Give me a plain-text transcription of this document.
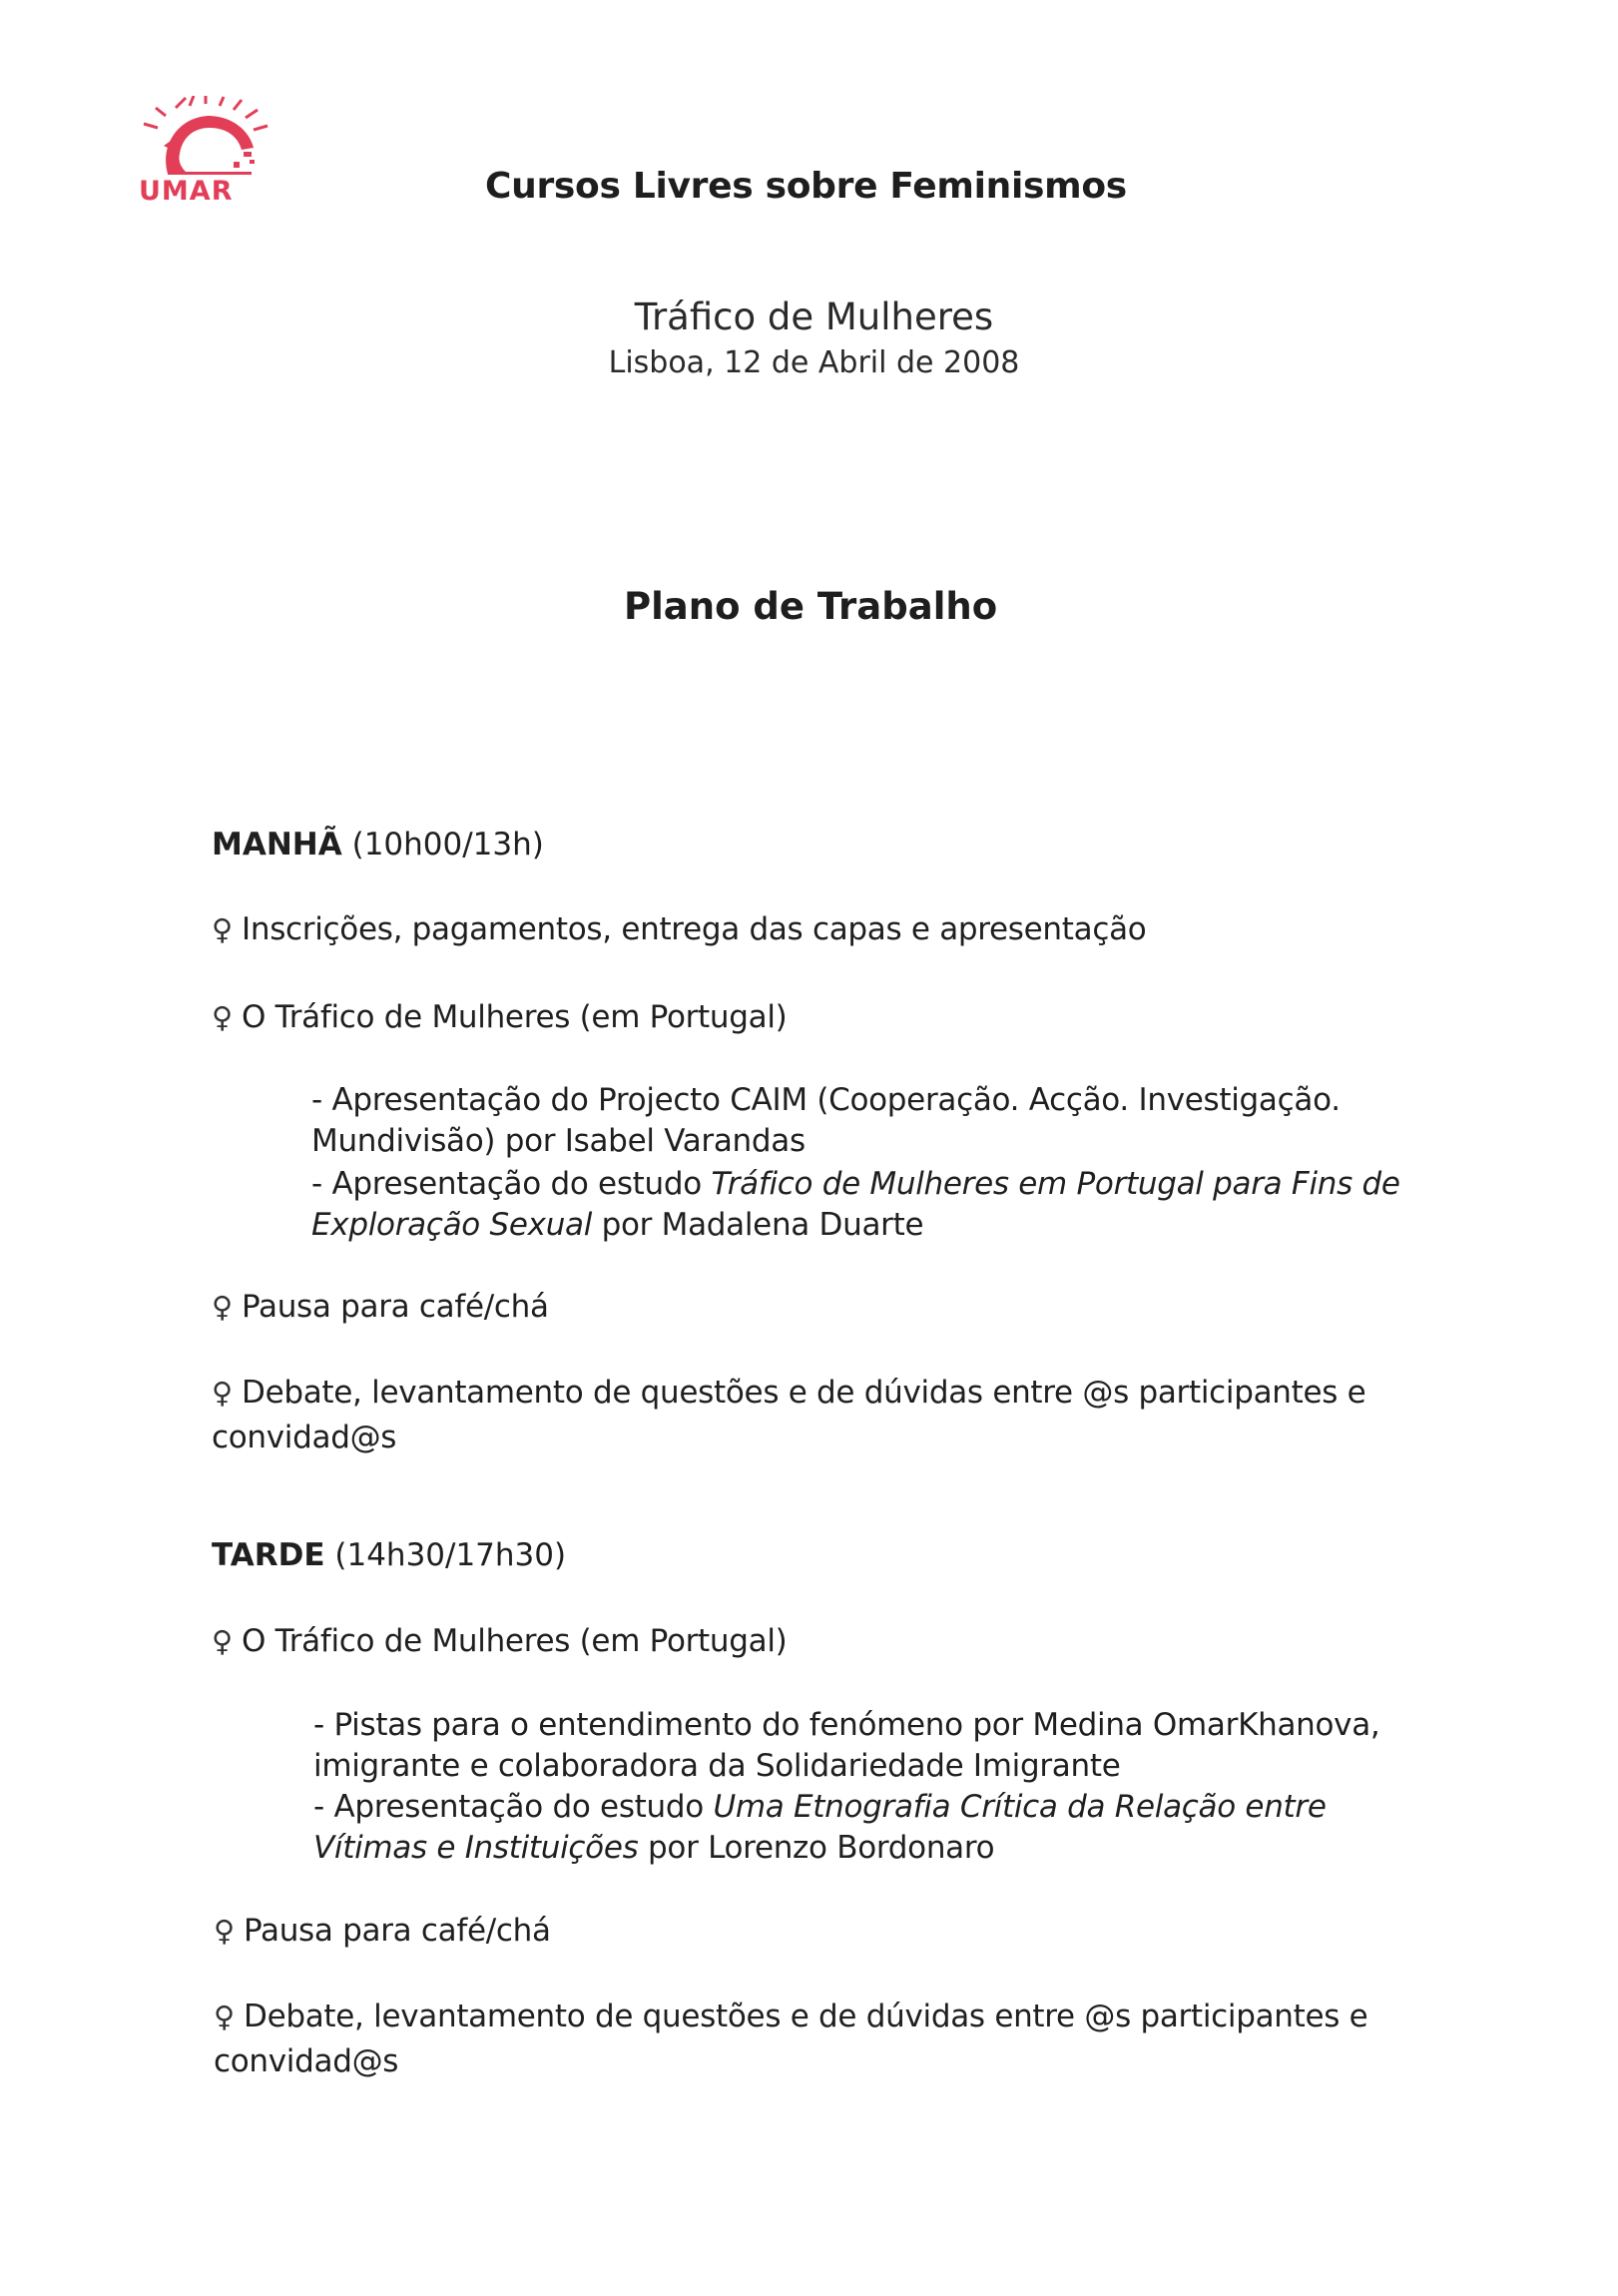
UMAR	Cursos Livres sobre Feminismos
Tráfico de Mulheres
Lisboa, 12 de Abril de 2008
Plano de Trabalho
MANHÃ (10h00/13h)
♀ Inscrições, pagamentos, entrega das capas e apresentação
♀ O Tráfico de Mulheres (em Portugal)
- Apresentação do Projecto CAIM (Cooperação. Acção. Investigação.
Mundivisão) por Isabel Varandas
- Apresentação do estudo Tráfico de Mulheres em Portugal para Fins de
Exploração Sexual por Madalena Duarte
♀ Pausa para café/chá
♀ Debate, levantamento de questões e de dúvidas entre @s participantes e
convidad@s
TARDE (14h30/17h30)
♀ O Tráfico de Mulheres (em Portugal)
- Pistas para o entendimento do fenómeno por Medina OmarKhanova,
imigrante e colaboradora da Solidariedade Imigrante
- Apresentação do estudo Uma Etnografia Crítica da Relação entre
Vítimas e Instituições por Lorenzo Bordonaro
♀ Pausa para café/chá
♀ Debate, levantamento de questões e de dúvidas entre @s participantes e
convidad@s
